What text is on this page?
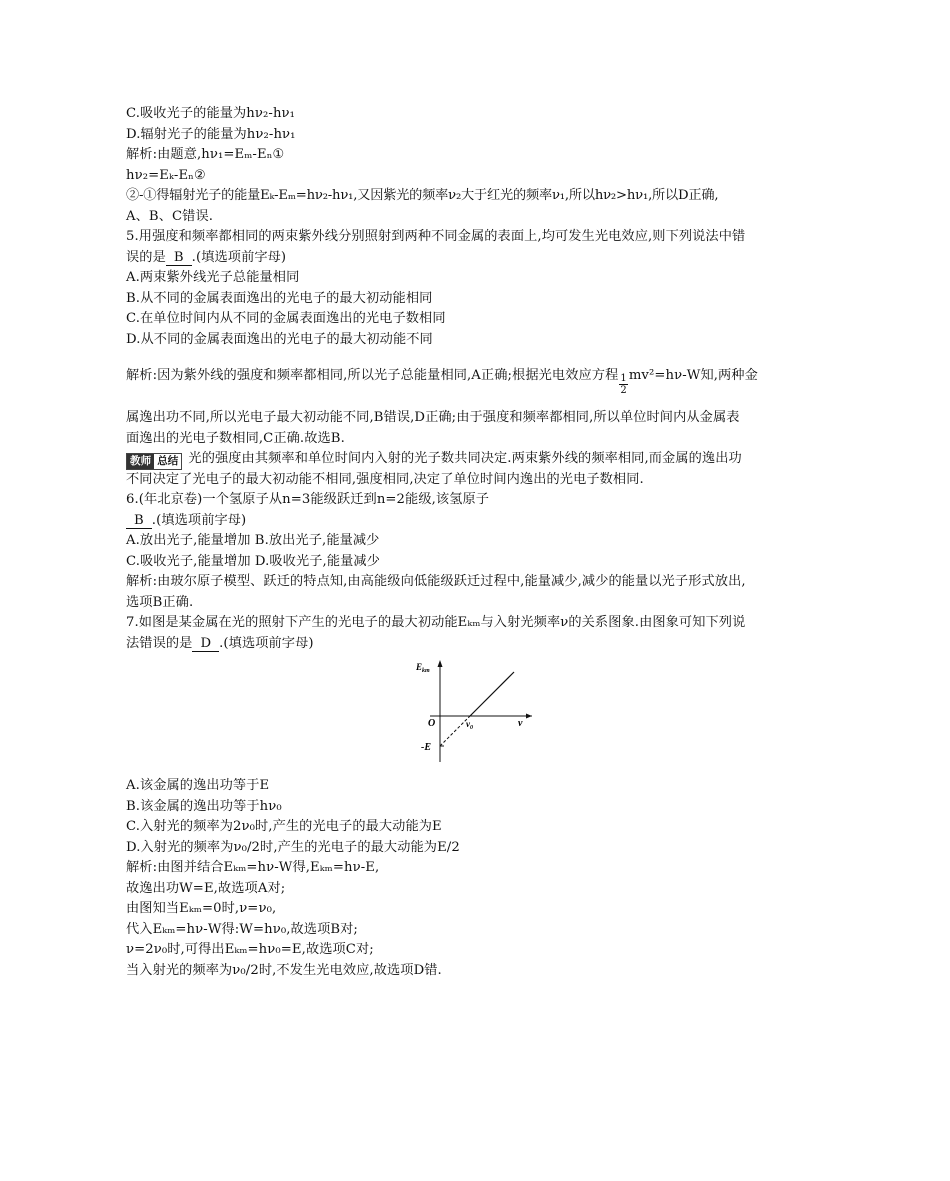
C.吸收光子的能量为hν₂-hν₁
D.辐射光子的能量为hν₂-hν₁
解析:由题意,hν₁=Eₘ-Eₙ①
hν₂=Eₖ-Eₙ②
②-①得辐射光子的能量Eₖ-Eₘ=hν₂-hν₁,又因紫光的频率ν₂大于红光的频率ν₁,所以hν₂>hν₁,所以D正确,
A、B、C错误.
5.用强度和频率都相同的两束紫外线分别照射到两种不同金属的表面上,均可发生光电效应,则下列说法中错
误的是 B .(填选项前字母)
A.两束紫外线光子总能量相同
B.从不同的金属表面逸出的光电子的最大初动能相同
C.在单位时间内从不同的金属表面逸出的光电子数相同
D.从不同的金属表面逸出的光电子的最大初动能不同
解析:因为紫外线的强度和频率都相同,所以光子总能量相同,A正确;根据光电效应方程 $\frac{1}{2} mv^2=h\nu-W$知,两种金
属逸出功不同,所以光电子最大初动能不同,B错误,D正确;由于强度和频率都相同,所以单位时间内从金属表
面逸出的光电子数相同,C正确.故选B.
教师 总结 光的强度由其频率和单位时间内入射的光子数共同决定.两束紫外线的频率相同,而金属的逸出功
不同决定了光电子的最大初动能不相同,强度相同,决定了单位时间内逸出的光电子数相同.
6.(年北京卷)一个氢原子从n=3能级跃迁到n=2能级,该氢原子
B .(填选项前字母)
A.放出光子,能量增加 B.放出光子,能量减少
C.吸收光子,能量增加 D.吸收光子,能量减少
解析:由玻尔原子模型、跃迁的特点知,由高能级向低能级跃迁过程中,能量减少,减少的能量以光子形式放出,
选项B正确.
7.如图是某金属在光的照射下产生的光电子的最大初动能Eₖₘ与入射光频率ν的关系图象.由图象可知下列说
法错误的是 D .(填选项前字母)
$E_{km}$
ν
O	$\nu_0$
-E
A.该金属的逸出功等于E
B.该金属的逸出功等于hν₀
C.入射光的频率为2ν₀时,产生的光电子的最大动能为E
D.入射光的频率为ν₀/2时,产生的光电子的最大动能为E/2
解析:由图并结合Eₖₘ=hν-W得,Eₖₘ=hν-E,
故逸出功W=E,故选项A对;
由图知当Eₖₘ=0时,ν=ν₀,
代入Eₖₘ=hν-W得:W=hν₀,故选项B对;
ν=2ν₀时,可得出Eₖₘ=hν₀=E,故选项C对;
当入射光的频率为ν₀/2时,不发生光电效应,故选项D错.
